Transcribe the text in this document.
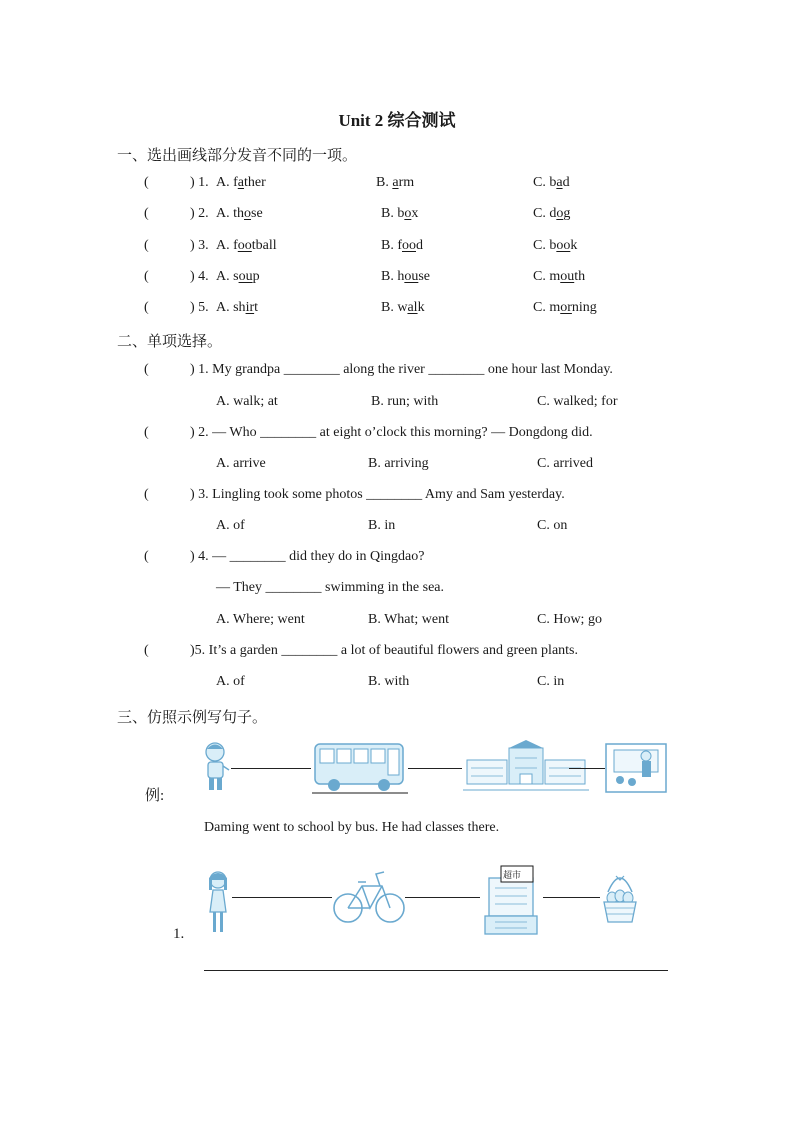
Unit 2 综合测试
一、选出画线部分发音不同的一项。
(	) 1. A. father	B. arm	C. bad
(	) 2. A. those	B. box	C. dog
(	) 3. A. football	B. food	C. book
(	) 4. A. soup	B. house	C. mouth
(	) 5. A. shirt	B. walk	C. morning
二、单项选择。
(	) 1. My grandpa ________ along the river ________ one hour last Monday.
A. walk; at	B. run; with	C. walked; for
(	) 2. — Who ________ at eight o’clock this morning? — Dongdong did.
A. arrive	B. arriving	C. arrived
(	) 3. Lingling took some photos ________ Amy and Sam yesterday.
A. of	B. in	C. on
(	) 4. — ________ did they do in Qingdao?
— They ________ swimming in the sea.
A. Where; went	B. What; went	C. How; go
(	)5. It’s a garden ________ a lot of beautiful flowers and green plants.
A. of	B. with	C. in
三、仿照示例写句子。
例:
Daming went to school by bus. He had classes there.
超市
1.
